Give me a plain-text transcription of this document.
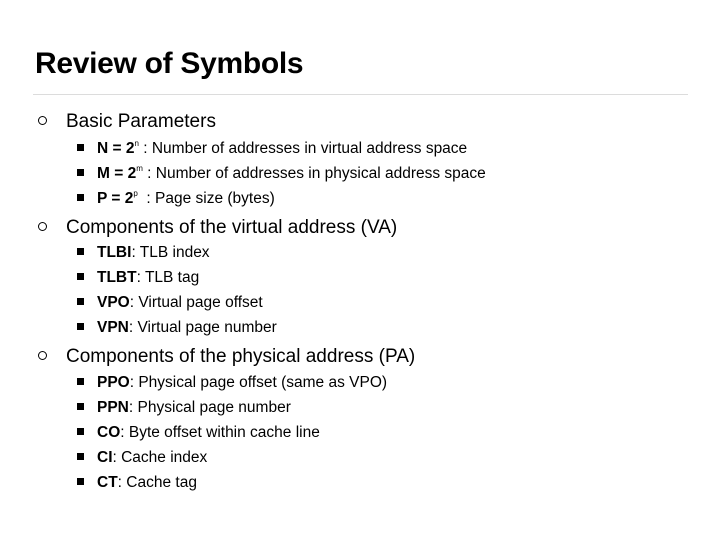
Review of Symbols
Basic Parameters
$N = 2^n$ : Number of addresses in virtual address space
$M = 2^m$ : Number of addresses in physical address space
$P = 2^p$  : Page size (bytes)
Components of the virtual address (VA)
TLBI: TLB index
TLBT: TLB tag
VPO: Virtual page offset
VPN: Virtual page number
Components of the physical address (PA)
PPO: Physical page offset (same as VPO)
PPN: Physical page number
CO: Byte offset within cache line
CI: Cache index
CT: Cache tag
